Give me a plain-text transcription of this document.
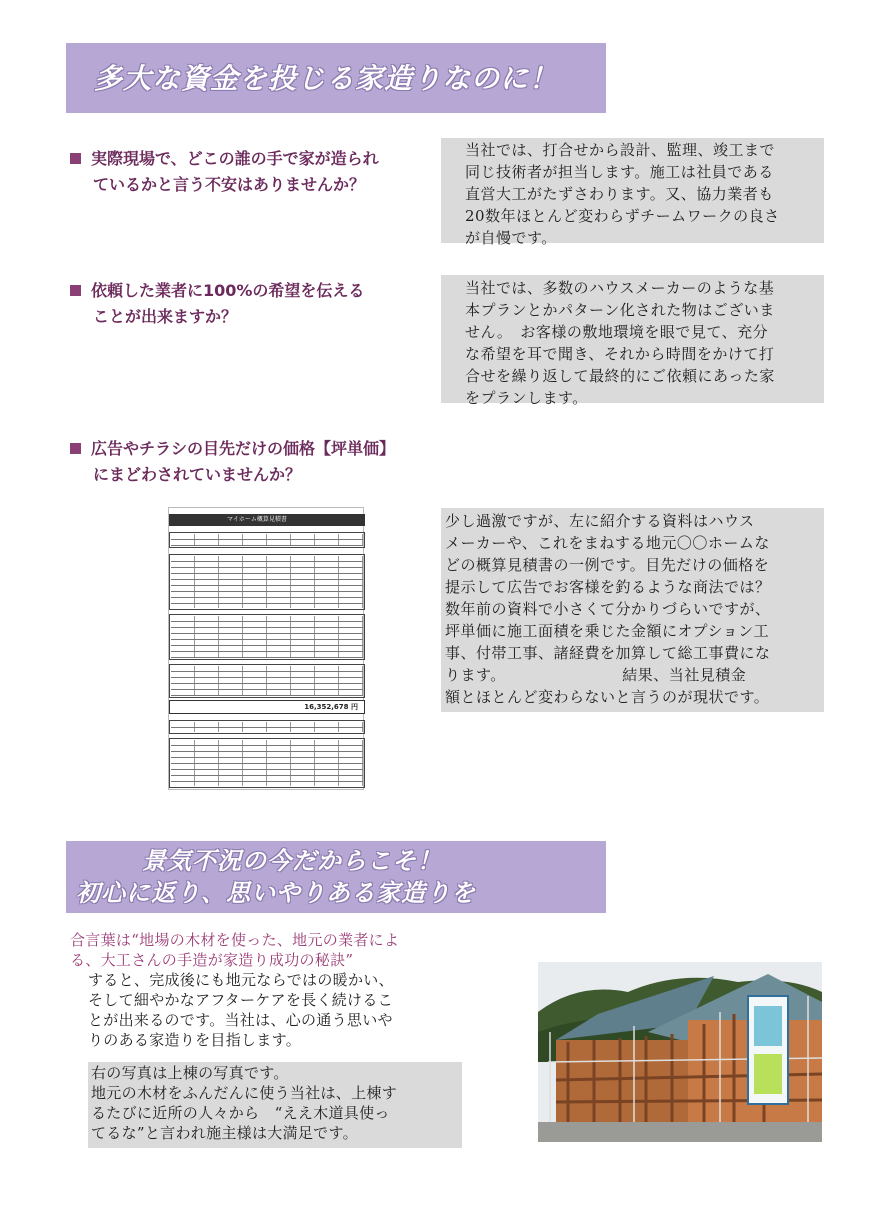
多大な資金を投じる家造りなのに！
実際現場で、どこの誰の手で家が造られ
ているかと言う不安はありませんか？

当社では、打合せから設計、監理、竣工まで
同じ技術者が担当します。施工は社員である
直営大工がたずさわります。又、協力業者も
20数年ほとんど変わらずチームワークの良さ
が自慢です。

依頼した業者に100%の希望を伝える
ことが出来ますか？

当社では、多数のハウスメーカーのような基
本プランとかパターン化された物はございま
せん。　お客様の敷地環境を眼で見て、充分
な希望を耳で聞き、それから時間をかけて打
合せを繰り返して最終的にご依頼にあった家
をプランします。

広告やチラシの目先だけの価格【坪単価】
にまどわされていませんか？
マイホーム概算見積書
16,352,678 円

少し過激ですが、左に紹介する資料はハウス
メーカーや、これをまねする地元〇〇ホームな
どの概算見積書の一例です。目先だけの価格を
提示して広告でお客様を釣るような商法では？
数年前の資料で小さくて分かりづらいですが、
坪単価に施工面積を乗じた金額にオプション工
事、付帯工事、諸経費を加算して総工事費にな
ります。　　　　　　　　結果、当社見積金
額とほとんど変わらないと言うのが現状です。

景気不況の今だからこそ！
初心に返り、思いやりある家造りを
合言葉は“地場の木材を使った、地元の業者によ
る、大工さんの手造が家造り成功の秘訣”
すると、完成後にも地元ならではの暖かい、
そして細やかなアフターケアを長く続けるこ
とが出来るのです。当社は、心の通う思いや
りのある家造りを目指します。
右の写真は上棟の写真です。
地元の木材をふんだんに使う当社は、上棟す
るたびに近所の人々から　“ええ木道具使っ
てるな”と言われ施主様は大満足です。
